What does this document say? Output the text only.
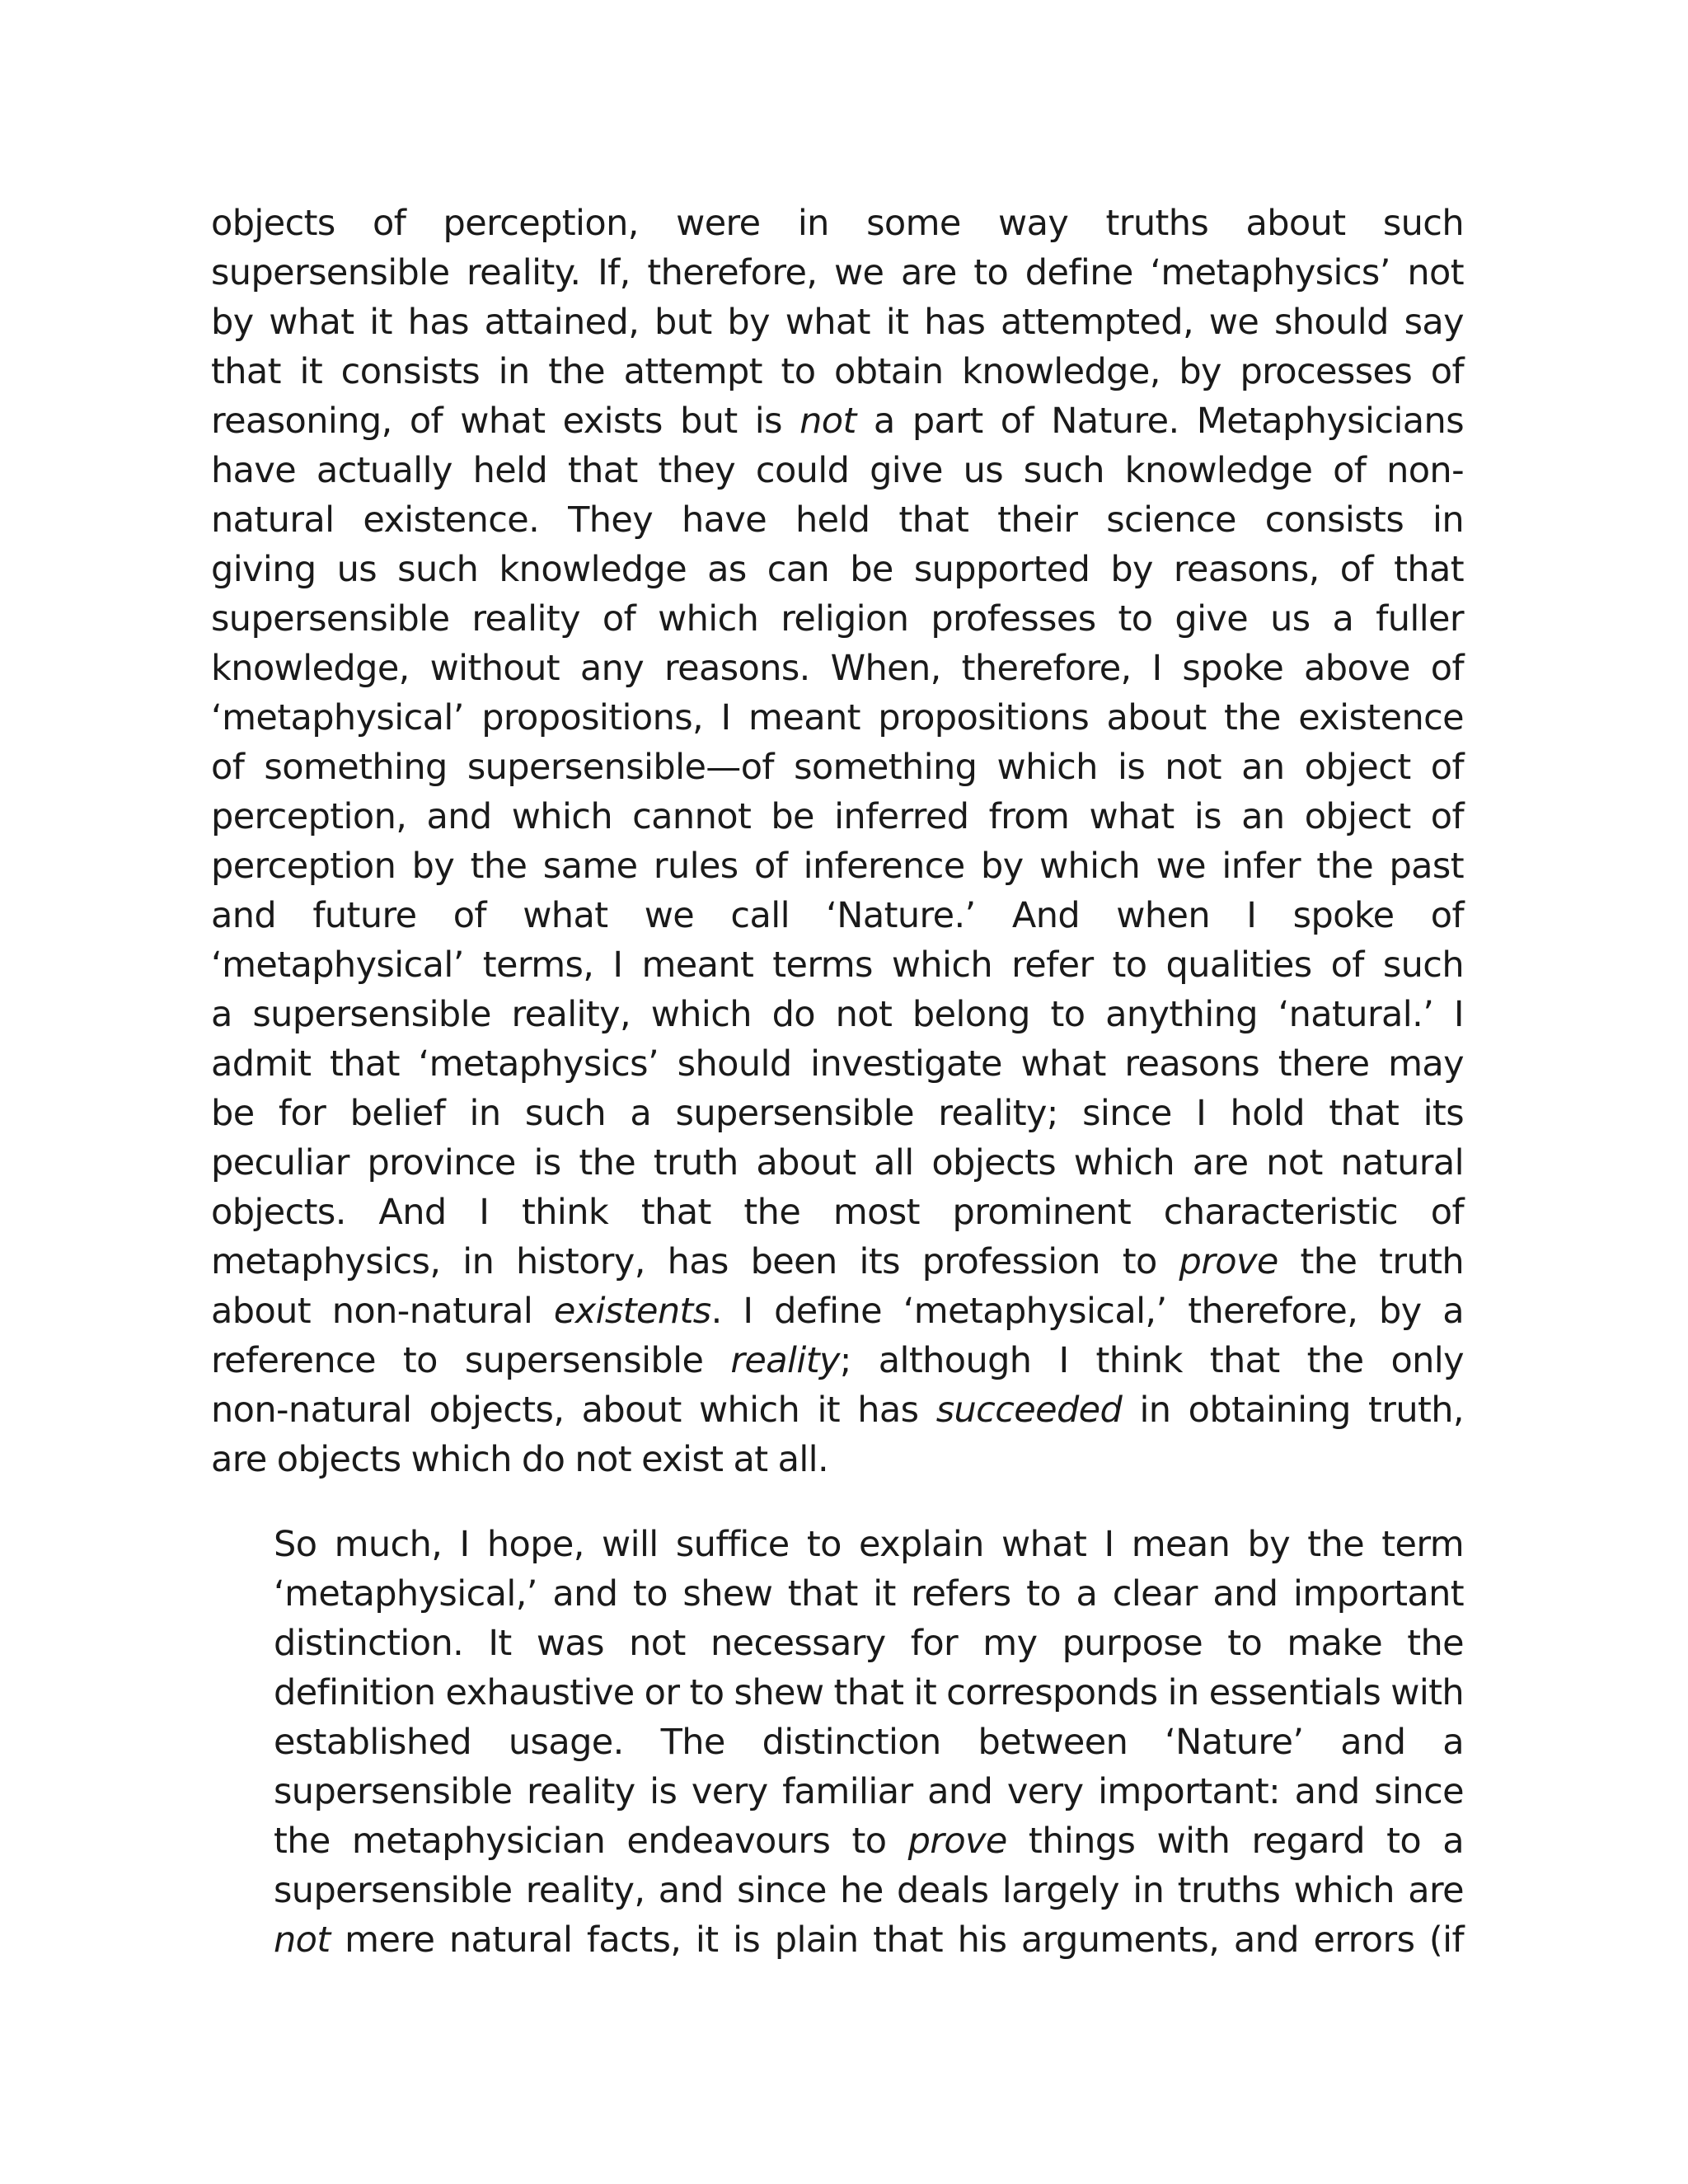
objects of perception, were in some way truths about such
supersensible reality. If, therefore, we are to define ‘metaphysics’ not
by what it has attained, but by what it has attempted, we should say
that it consists in the attempt to obtain knowledge, by processes of
reasoning, of what exists but is not a part of Nature. Metaphysicians
have actually held that they could give us such knowledge of non-
natural existence. They have held that their science consists in
giving us such knowledge as can be supported by reasons, of that
supersensible reality of which religion professes to give us a fuller
knowledge, without any reasons. When, therefore, I spoke above of
‘metaphysical’ propositions, I meant propositions about the existence
of something supersensible—of something which is not an object of
perception, and which cannot be inferred from what is an object of
perception by the same rules of inference by which we infer the past
and future of what we call ‘Nature.’ And when I spoke of
‘metaphysical’ terms, I meant terms which refer to qualities of such
a supersensible reality, which do not belong to anything ‘natural.’ I
admit that ‘metaphysics’ should investigate what reasons there may
be for belief in such a supersensible reality; since I hold that its
peculiar province is the truth about all objects which are not natural
objects. And I think that the most prominent characteristic of
metaphysics, in history, has been its profession to prove the truth
about non-natural existents. I define ‘metaphysical,’ therefore, by a
reference to supersensible reality; although I think that the only
non-natural objects, about which it has succeeded in obtaining truth,
are objects which do not exist at all.
So much, I hope, will suffice to explain what I mean by the term
‘metaphysical,’ and to shew that it refers to a clear and important
distinction. It was not necessary for my purpose to make the
definition exhaustive or to shew that it corresponds in essentials with
established usage. The distinction between ‘Nature’ and a
supersensible reality is very familiar and very important: and since
the metaphysician endeavours to prove things with regard to a
supersensible reality, and since he deals largely in truths which are
not mere natural facts, it is plain that his arguments, and errors (if
